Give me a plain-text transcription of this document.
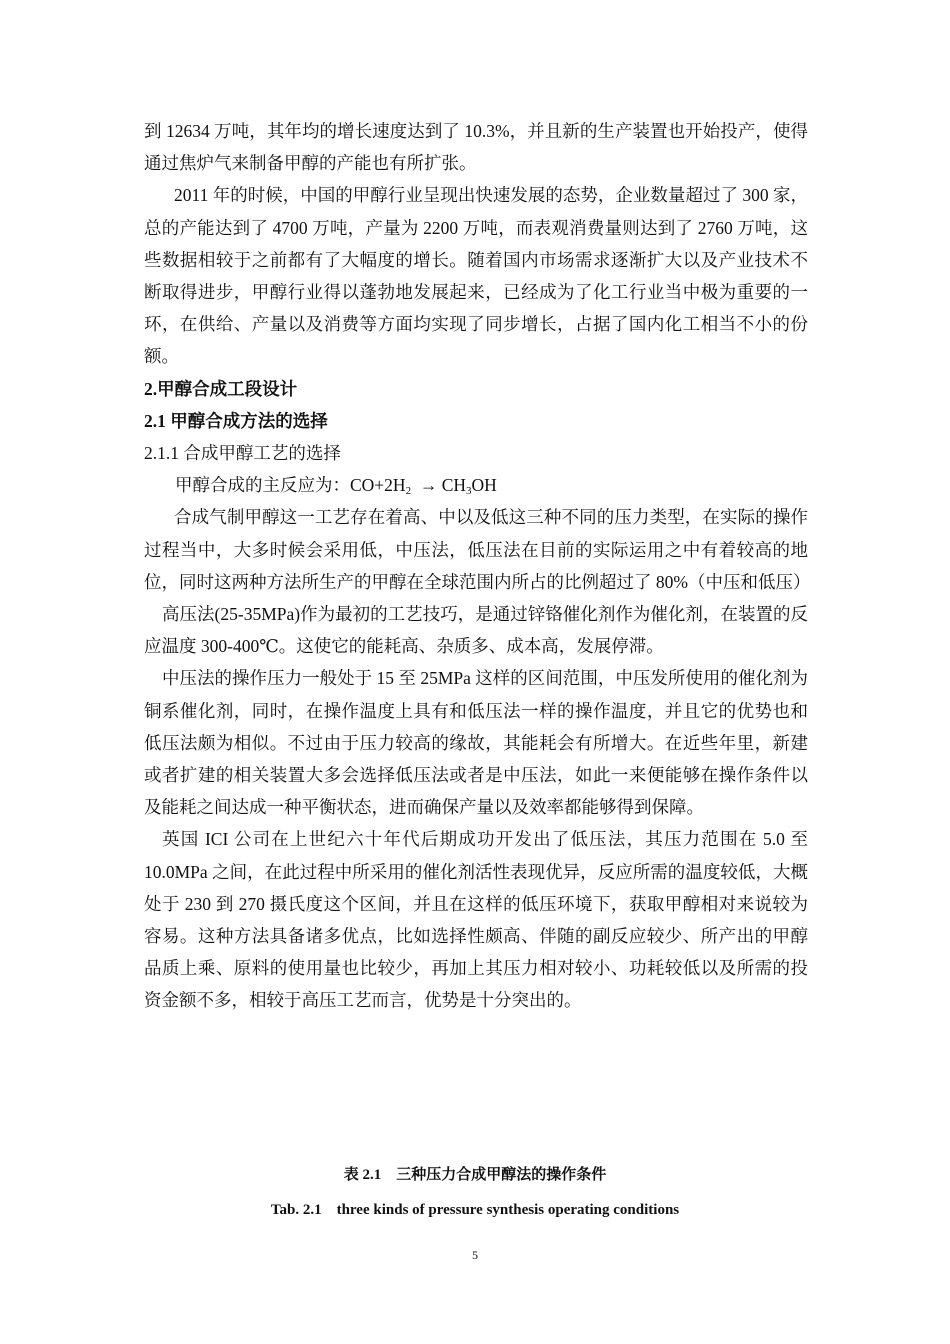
到 12634 万吨，其年均的增长速度达到了 10.3%，并且新的生产装置也开始投产，使得通过焦炉气来制备甲醇的产能也有所扩张。

2011 年的时候，中国的甲醇行业呈现出快速发展的态势，企业数量超过了 300 家，总的产能达到了 4700 万吨，产量为 2200 万吨，而表观消费量则达到了 2760 万吨，这些数据相较于之前都有了大幅度的增长。随着国内市场需求逐渐扩大以及产业技术不断取得进步，甲醇行业得以蓬勃地发展起来，已经成为了化工行业当中极为重要的一环，在供给、产量以及消费等方面均实现了同步增长，占据了国内化工相当不小的份额。

2.甲醇合成工段设计

2.1 甲醇合成方法的选择

2.1.1 合成甲醇工艺的选择

甲醇合成的主反应为：$CO+2H_2 \to CH_3OH$

合成气制甲醇这一工艺存在着高、中以及低这三种不同的压力类型，在实际的操作过程当中，大多时候会采用低，中压法，低压法在目前的实际运用之中有着较高的地位，同时这两种方法所生产的甲醇在全球范围内所占的比例超过了 80%（中压和低压）

高压法(25-35MPa)作为最初的工艺技巧，是通过锌铬催化剂作为催化剂，在装置的反应温度 300-400℃。这使它的能耗高、杂质多、成本高，发展停滞。

中压法的操作压力一般处于 15 至 25MPa 这样的区间范围，中压发所使用的催化剂为铜系催化剂，同时，在操作温度上具有和低压法一样的操作温度，并且它的优势也和低压法颇为相似。不过由于压力较高的缘故，其能耗会有所增大。在近些年里，新建或者扩建的相关装置大多会选择低压法或者是中压法，如此一来便能够在操作条件以及能耗之间达成一种平衡状态，进而确保产量以及效率都能够得到保障。

英国 ICI 公司在上世纪六十年代后期成功开发出了低压法，其压力范围在 5.0 至 10.0MPa 之间，在此过程中所采用的催化剂活性表现优异，反应所需的温度较低，大概处于 230 到 270 摄氏度这个区间，并且在这样的低压环境下，获取甲醇相对来说较为容易。这种方法具备诸多优点，比如选择性颇高、伴随的副反应较少、所产出的甲醇品质上乘、原料的使用量也比较少，再加上其压力相对较小、功耗较低以及所需的投资金额不多，相较于高压工艺而言，优势是十分突出的。

表 2.1　三种压力合成甲醇法的操作条件
Tab. 2.1　three kinds of pressure synthesis operating conditions
5
